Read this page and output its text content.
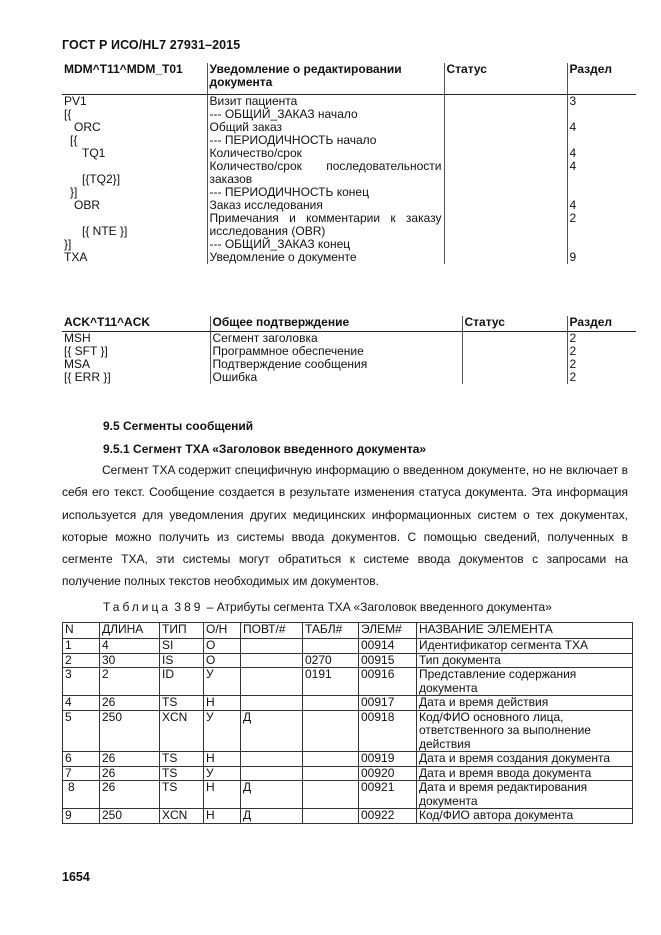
ГОСТ Р ИСО/HL7 27931–2015
MDM^T11^MDM_T01	Уведомление о редактировании документа	Статус	Раздел
PV1	Визит пациента		3
[{	--- ОБЩИЙ_ЗАКАЗ начало		
ORC	Общий заказ		4
[{	--- ПЕРИОДИЧНОСТЬ начало		
TQ1	Количество/срок		4
[{TQ2}]	Количество/срок последовательности заказов		4
}]	--- ПЕРИОДИЧНОСТЬ конец		
OBR	Заказ исследования		4
[{ NTE }]	Примечания и комментарии к заказу исследования (OBR)		2
}]	--- ОБЩИЙ_ЗАКАЗ конец		
TXA	Уведомление о документе		9
ACK^T11^ACK	Общее подтверждение	Статус	Раздел
MSH	Сегмент заголовка		2
[{ SFT }]	Программное обеспечение		2
MSA	Подтверждение сообщения		2
[{ ERR }]	Ошибка		2
9.5 Сегменты сообщений
9.5.1 Сегмент TXA «Заголовок введенного документа»

Сегмент TXA содержит специфичную информацию о введенном документе, но не включает в себя его текст. Сообщение создается в результате изменения статуса документа. Эта информация используется для уведомления других медицинских информационных систем о тех документах, которые можно получить из системы ввода документов. С помощью сведений, полученных в сегменте TXA, эти системы могут обратиться к системе ввода документов с запросами на получение полных текстов необходимых им документов.

Таблица 389 – Атрибуты сегмента TXA «Заголовок введенного документа»
N	ДЛИНА	ТИП	О/Н	ПОВТ/#	ТАБЛ#	ЭЛЕМ#	НАЗВАНИЕ ЭЛЕМЕНТА
1	4	SI	О			00914	Идентификатор сегмента TXA
2	30	IS	О		0270	00915	Тип документа
3	2	ID	У		0191	00916	Представление содержания документа
4	26	TS	Н			00917	Дата и время действия
5	250	XCN	У	Д		00918	Код/ФИО основного лица, ответственного за выполнение действия
6	26	TS	Н			00919	Дата и время создания документа
7	26	TS	У			00920	Дата и время ввода документа
8	26	TS	Н	Д		00921	Дата и время редактирования документа
9	250	XCN	Н	Д		00922	Код/ФИО автора документа
1654
